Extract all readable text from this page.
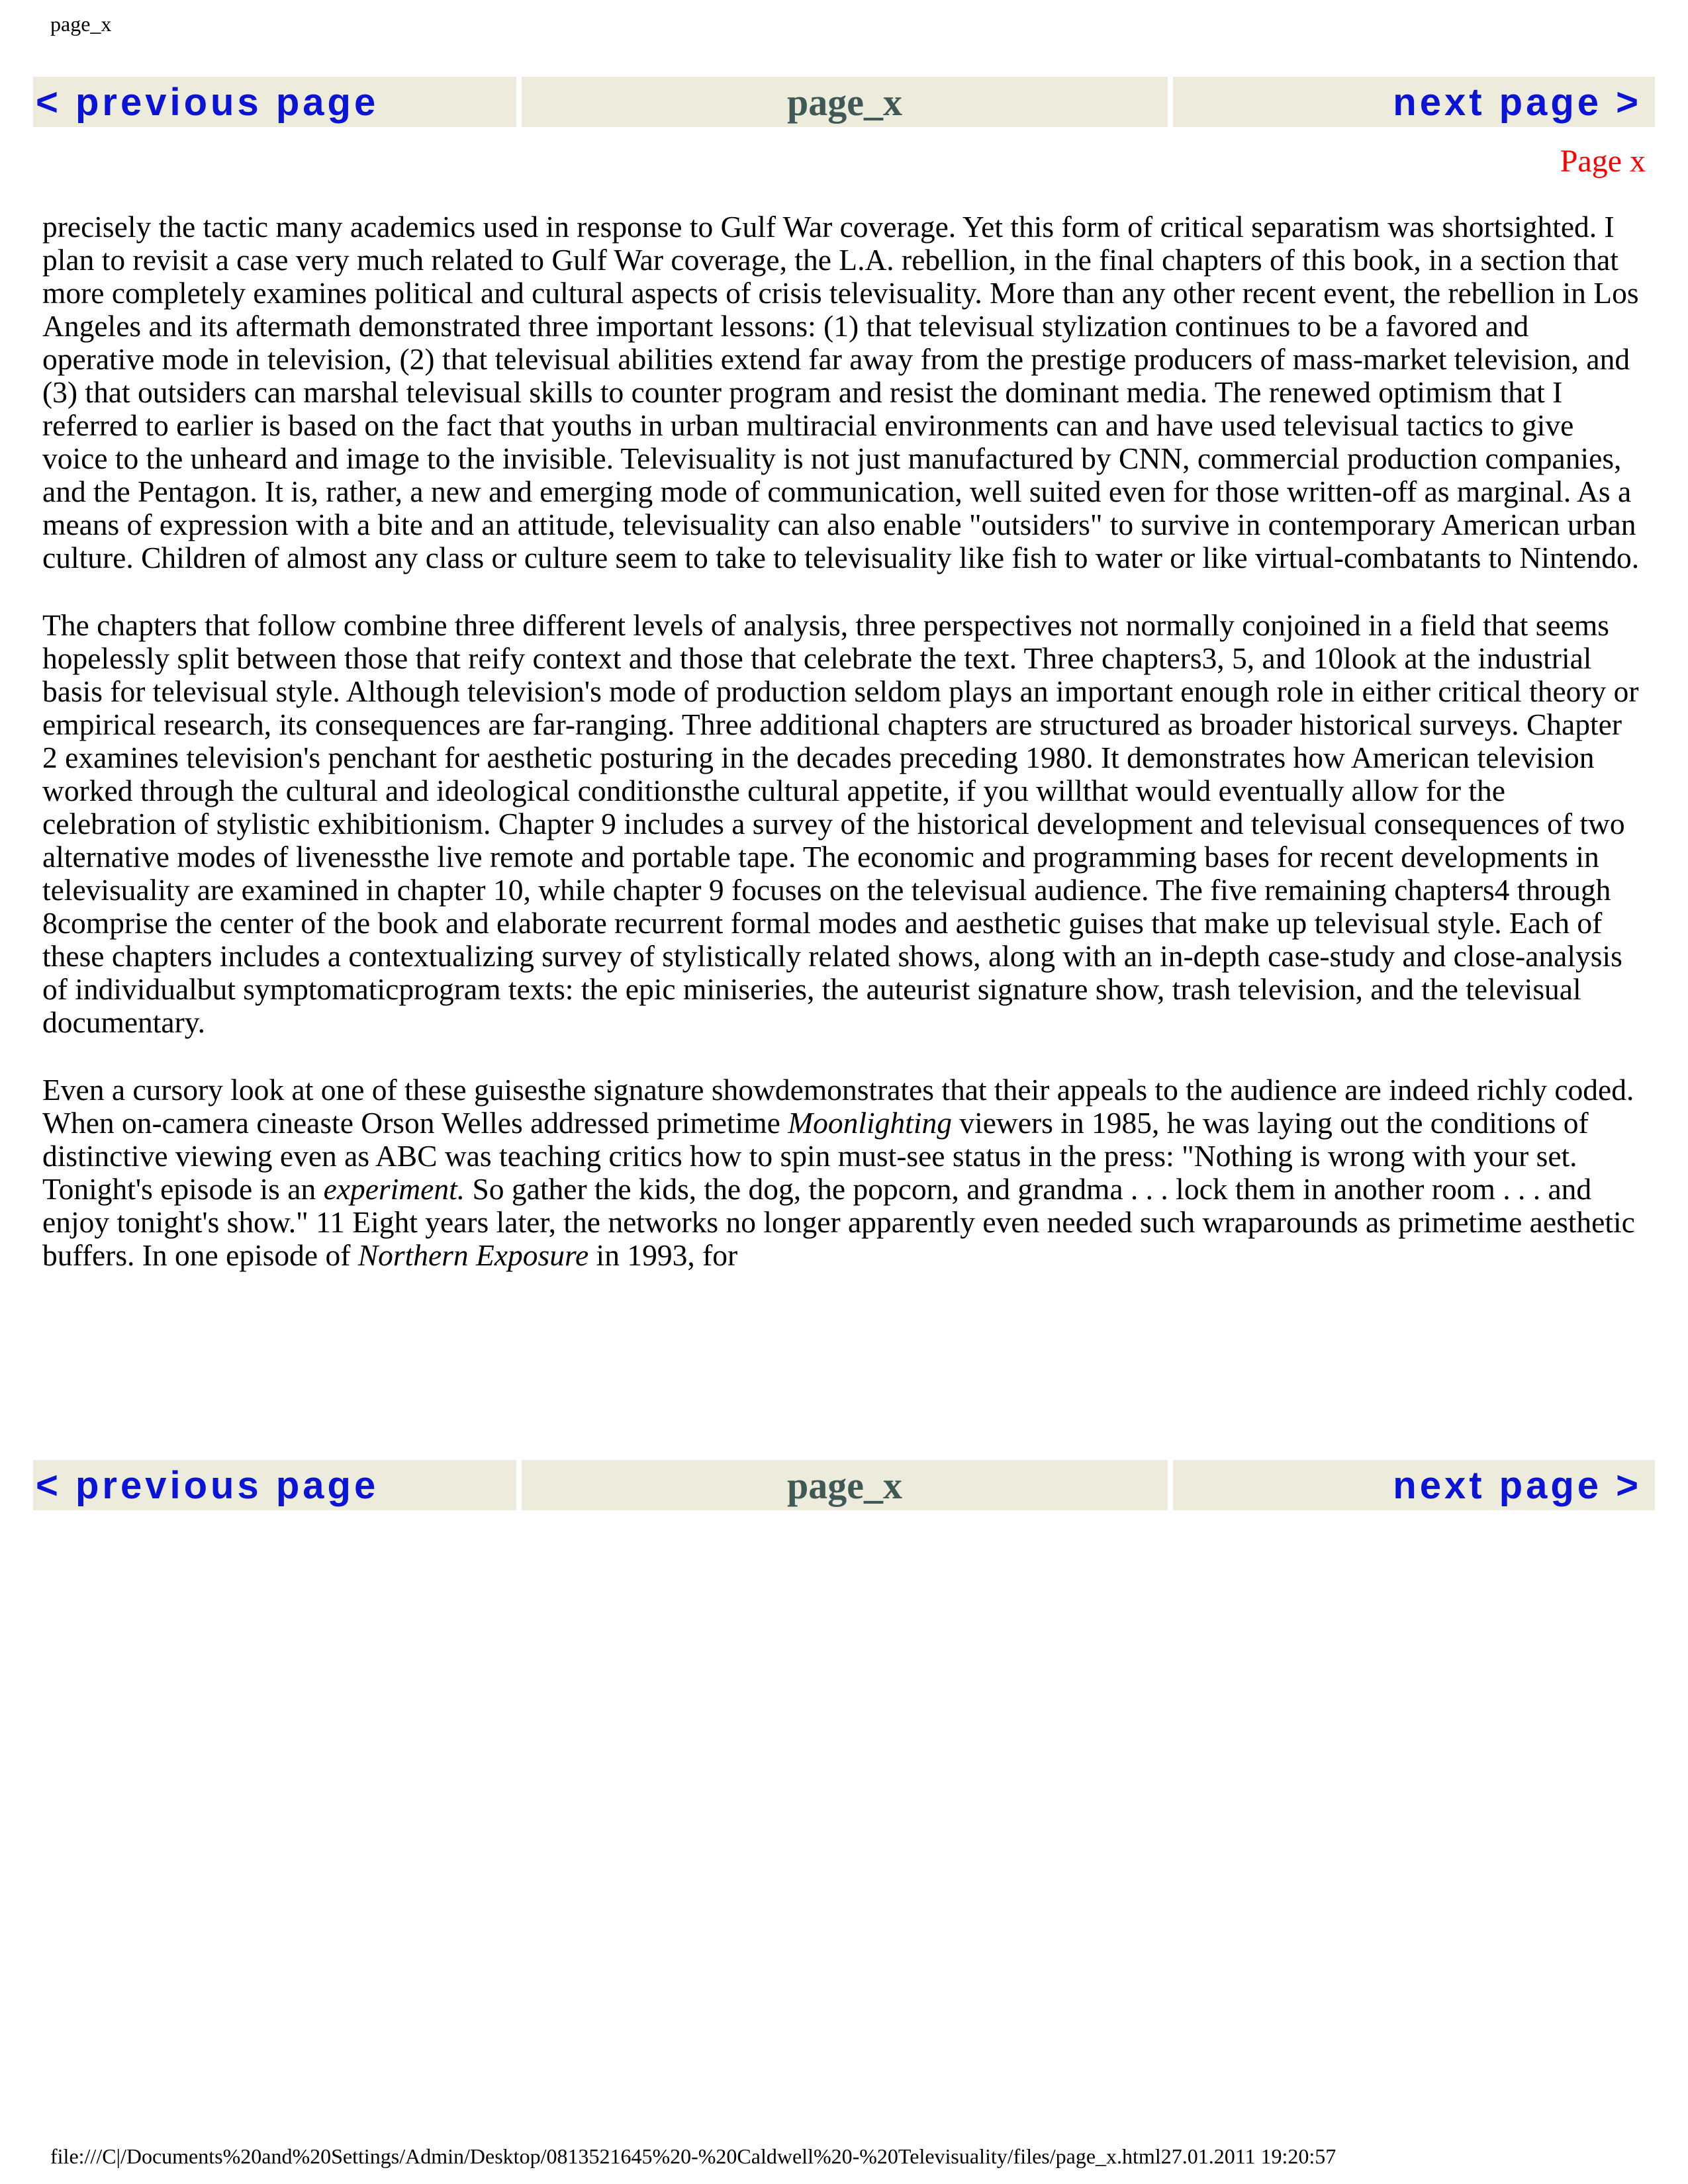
page_x
< previous page	page_x	next page >
Page x

precisely the tactic many academics used in response to Gulf War coverage. Yet this form of critical separatism was shortsighted. I plan to revisit a case very much related to Gulf War coverage, the L.A. rebellion, in the final chapters of this book, in a section that more completely examines political and cultural aspects of crisis televisuality. More than any other recent event, the rebellion in Los Angeles and its aftermath demonstrated three important lessons: (1) that televisual stylization continues to be a favored and operative mode in television, (2) that televisual abilities extend far away from the prestige producers of mass-market television, and (3) that outsiders can marshal televisual skills to counter program and resist the dominant media. The renewed optimism that I referred to earlier is based on the fact that youths in urban multiracial environments can and have used televisual tactics to give voice to the unheard and image to the invisible. Televisuality is not just manufactured by CNN, commercial production companies, and the Pentagon. It is, rather, a new and emerging mode of communication, well suited even for those written-off as marginal. As a means of expression with a bite and an attitude, televisuality can also enable "outsiders" to survive in contemporary American urban culture. Children of almost any class or culture seem to take to televisuality like fish to water or like virtual-combatants to Nintendo.

The chapters that follow combine three different levels of analysis, three perspectives not normally conjoined in a field that seems hopelessly split between those that reify context and those that celebrate the text. Three chapters3, 5, and 10look at the industrial basis for televisual style. Although television's mode of production seldom plays an important enough role in either critical theory or empirical research, its consequences are far-ranging. Three additional chapters are structured as broader historical surveys. Chapter 2 examines television's penchant for aesthetic posturing in the decades preceding 1980. It demonstrates how American television worked through the cultural and ideological conditionsthe cultural appetite, if you willthat would eventually allow for the celebration of stylistic exhibitionism. Chapter 9 includes a survey of the historical development and televisual consequences of two alternative modes of livenessthe live remote and portable tape. The economic and programming bases for recent developments in televisuality are examined in chapter 10, while chapter 9 focuses on the televisual audience. The five remaining chapters4 through 8comprise the center of the book and elaborate recurrent formal modes and aesthetic guises that make up televisual style. Each of these chapters includes a contextualizing survey of stylistically related shows, along with an in-depth case-study and close-analysis of individualbut symptomaticprogram texts: the epic miniseries, the auteurist signature show, trash television, and the televisual documentary.

Even a cursory look at one of these guisesthe signature showdemonstrates that their appeals to the audience are indeed richly coded. When on-camera cineaste Orson Welles addressed primetime Moonlighting viewers in 1985, he was laying out the conditions of distinctive viewing even as ABC was teaching critics how to spin must-see status in the press: "Nothing is wrong with your set. Tonight's episode is an experiment. So gather the kids, the dog, the popcorn, and grandma . . . lock them in another room . . . and enjoy tonight's show." 11 Eight years later, the networks no longer apparently even needed such wraparounds as primetime aesthetic buffers. In one episode of Northern Exposure in 1993, for

< previous page	page_x	next page >
file:///C|/Documents%20and%20Settings/Admin/Desktop/0813521645%20-%20Caldwell%20-%20Televisuality/files/page_x.html27.01.2011 19:20:57
